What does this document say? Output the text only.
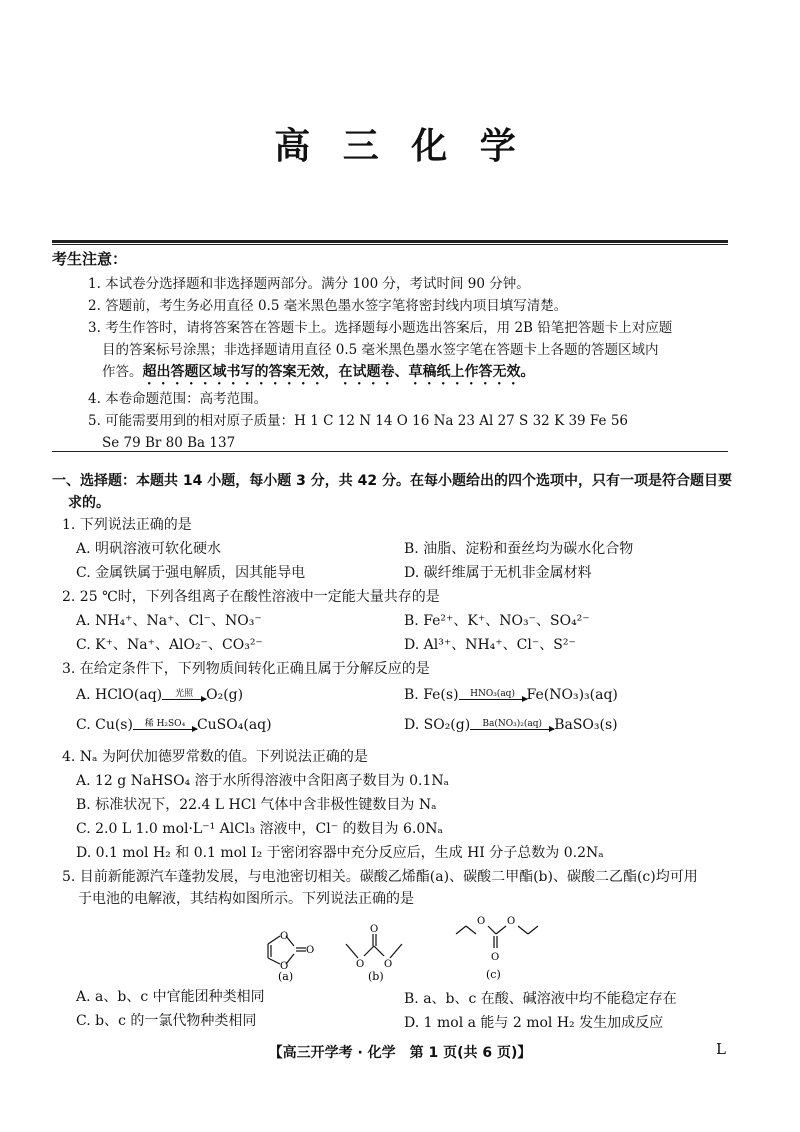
高 三 化 学
考生注意：
1. 本试卷分选择题和非选择题两部分。满分 100 分，考试时间 90 分钟。
2. 答题前，考生务必用直径 0.5 毫米黑色墨水签字笔将密封线内项目填写清楚。
3. 考生作答时，请将答案答在答题卡上。选择题每小题选出答案后，用 2B 铅笔把答题卡上对应题
目的答案标号涂黑；非选择题请用直径 0.5 毫米黑色墨水签字笔在答题卡上各题的答题区域内
作答。超出答题区域书写的答案无效，在试题卷、草稿纸上作答无效。
4. 本卷命题范围：高考范围。
5. 可能需要用到的相对原子质量：H 1 C 12 N 14 O 16 Na 23 Al 27 S 32 K 39 Fe 56
Se 79 Br 80 Ba 137
一、选择题：本题共 14 小题，每小题 3 分，共 42 分。在每小题给出的四个选项中，只有一项是符合题目要
求的。
1. 下列说法正确的是
A. 明矾溶液可软化硬水	B. 油脂、淀粉和蚕丝均为碳水化合物
C. 金属铁属于强电解质，因其能导电	D. 碳纤维属于无机非金属材料
2. 25 ℃时，下列各组离子在酸性溶液中一定能大量共存的是
A. NH₄⁺、Na⁺、Cl⁻、NO₃⁻	B. Fe²⁺、K⁺、NO₃⁻、SO₄²⁻
C. K⁺、Na⁺、AlO₂⁻、CO₃²⁻	D. Al³⁺、NH₄⁺、Cl⁻、S²⁻
3. 在给定条件下，下列物质间转化正确且属于分解反应的是
A. HClO(aq)	光照 O₂(g)	B. Fe(s)	HNO₃(aq) Fe(NO₃)₃(aq)
C. Cu(s)	稀 H₂SO₄ CuSO₄(aq)	D. SO₂(g)	Ba(NO₃)₂(aq) BaSO₃(s)
4. Nₐ 为阿伏加德罗常数的值。下列说法正确的是
A. 12 g NaHSO₄ 溶于水所得溶液中含阳离子数目为 0.1Nₐ
B. 标准状况下，22.4 L HCl 气体中含非极性键数目为 Nₐ
C. 2.0 L 1.0 mol·L⁻¹ AlCl₃ 溶液中，Cl⁻ 的数目为 6.0Nₐ
D. 0.1 mol H₂ 和 0.1 mol I₂ 于密闭容器中充分反应后，生成 HI 分子总数为 0.2Nₐ
5. 目前新能源汽车蓬勃发展，与电池密切相关。碳酸乙烯酯(a)、碳酸二甲酯(b)、碳酸二乙酯(c)均可用
于电池的电解液，其结构如图所示。下列说法正确的是
O
O
O
(a)
O
O O
(b)
O O
O
(c)
A. a、b、c 中官能团种类相同	B. a、b、c 在酸、碱溶液中均不能稳定存在
C. b、c 的一氯代物种类相同	D. 1 mol a 能与 2 mol H₂ 发生加成反应
【高三开学考 · 化学　第 1 页(共 6 页)】	L
